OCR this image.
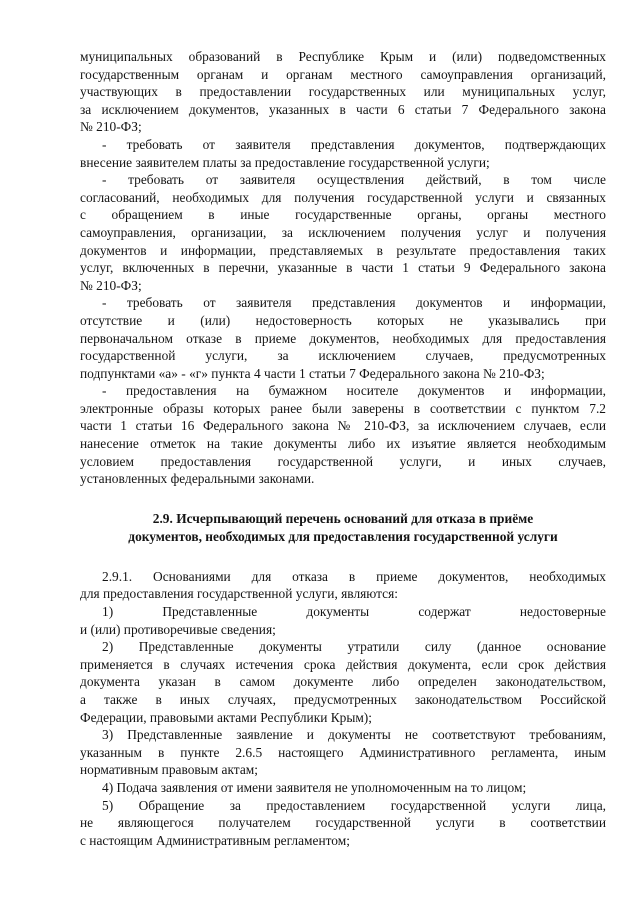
муниципальных образований в Республике Крым и (или) подведомственных
государственным органам и органам местного самоуправления организаций,
участвующих в предоставлении государственных или муниципальных услуг,
за исключением документов, указанных в части 6 статьи 7 Федерального закона
№ 210-ФЗ;
- требовать от заявителя представления документов, подтверждающих
внесение заявителем платы за предоставление государственной услуги;
- требовать от заявителя осуществления действий, в том числе
согласований, необходимых для получения государственной услуги и связанных
с обращением в иные государственные органы, органы местного
самоуправления, организации, за исключением получения услуг и получения
документов и информации, представляемых в результате предоставления таких
услуг, включенных в перечни, указанные в части 1 статьи 9 Федерального закона
№ 210-ФЗ;
- требовать от заявителя представления документов и информации,
отсутствие и (или) недостоверность которых не указывались при
первоначальном отказе в приеме документов, необходимых для предоставления
государственной услуги, за исключением случаев, предусмотренных
подпунктами «а» - «г» пункта 4 части 1 статьи 7 Федерального закона № 210-ФЗ;
- предоставления на бумажном носителе документов и информации,
электронные образы которых ранее были заверены в соответствии с пунктом 7.2
части 1 статьи 16 Федерального закона № 210-ФЗ, за исключением случаев, если
нанесение отметок на такие документы либо их изъятие является необходимым
условием предоставления государственной услуги, и иных случаев,
установленных федеральными законами.
2.9. Исчерпывающий перечень оснований для отказа в приёме
документов, необходимых для предоставления государственной услуги
2.9.1. Основаниями для отказа в приеме документов, необходимых
для предоставления государственной услуги, являются:
1)	Представленные	документы	содержат	недостоверные
и (или) противоречивые сведения;
2) Представленные документы утратили силу (данное основание
применяется в случаях истечения срока действия документа, если срок действия
документа указан в самом документе либо определен законодательством,
а также в иных случаях, предусмотренных законодательством Российской
Федерации, правовыми актами Республики Крым);
3) Представленные заявление и документы не соответствуют требованиям,
указанным в пункте 2.6.5 настоящего Административного регламента, иным
нормативным правовым актам;
4) Подача заявления от имени заявителя не уполномоченным на то лицом;
5) Обращение за предоставлением государственной услуги лица,
не являющегося получателем государственной услуги в соответствии
с настоящим Административным регламентом;
